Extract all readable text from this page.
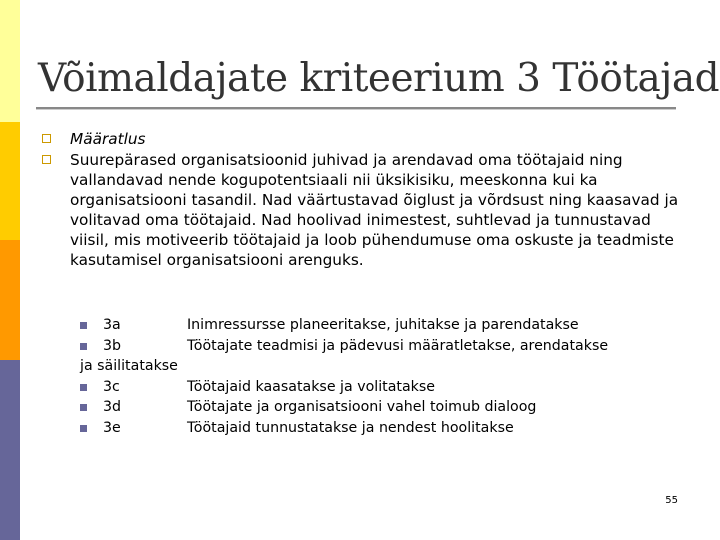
Võimaldajate kriteerium 3 Töötajad
Määratlus
Suurepärased organisatsioonid juhivad ja arendavad oma töötajaid ning vallandavad nende kogupotentsiaali nii üksikisiku, meeskonna kui ka organisatsiooni tasandil. Nad väärtustavad õiglust ja võrdsust ning kaasavad ja volitavad oma töötajaid. Nad hoolivad inimestest, suhtlevad ja tunnustavad viisil, mis motiveerib töötajaid ja loob pühendumuse oma oskuste ja teadmiste kasutamisel organisatsiooni arenguks.
3a	Inimressursse planeeritakse, juhitakse ja parendatakse
3b	Töötajate teadmisi ja pädevusi määratletakse, arendatakse
ja säilitatakse
3c	Töötajaid kaasatakse ja volitatakse
3d	Töötajate ja organisatsiooni vahel toimub dialoog
3e	Töötajaid tunnustatakse ja nendest hoolitakse
55
